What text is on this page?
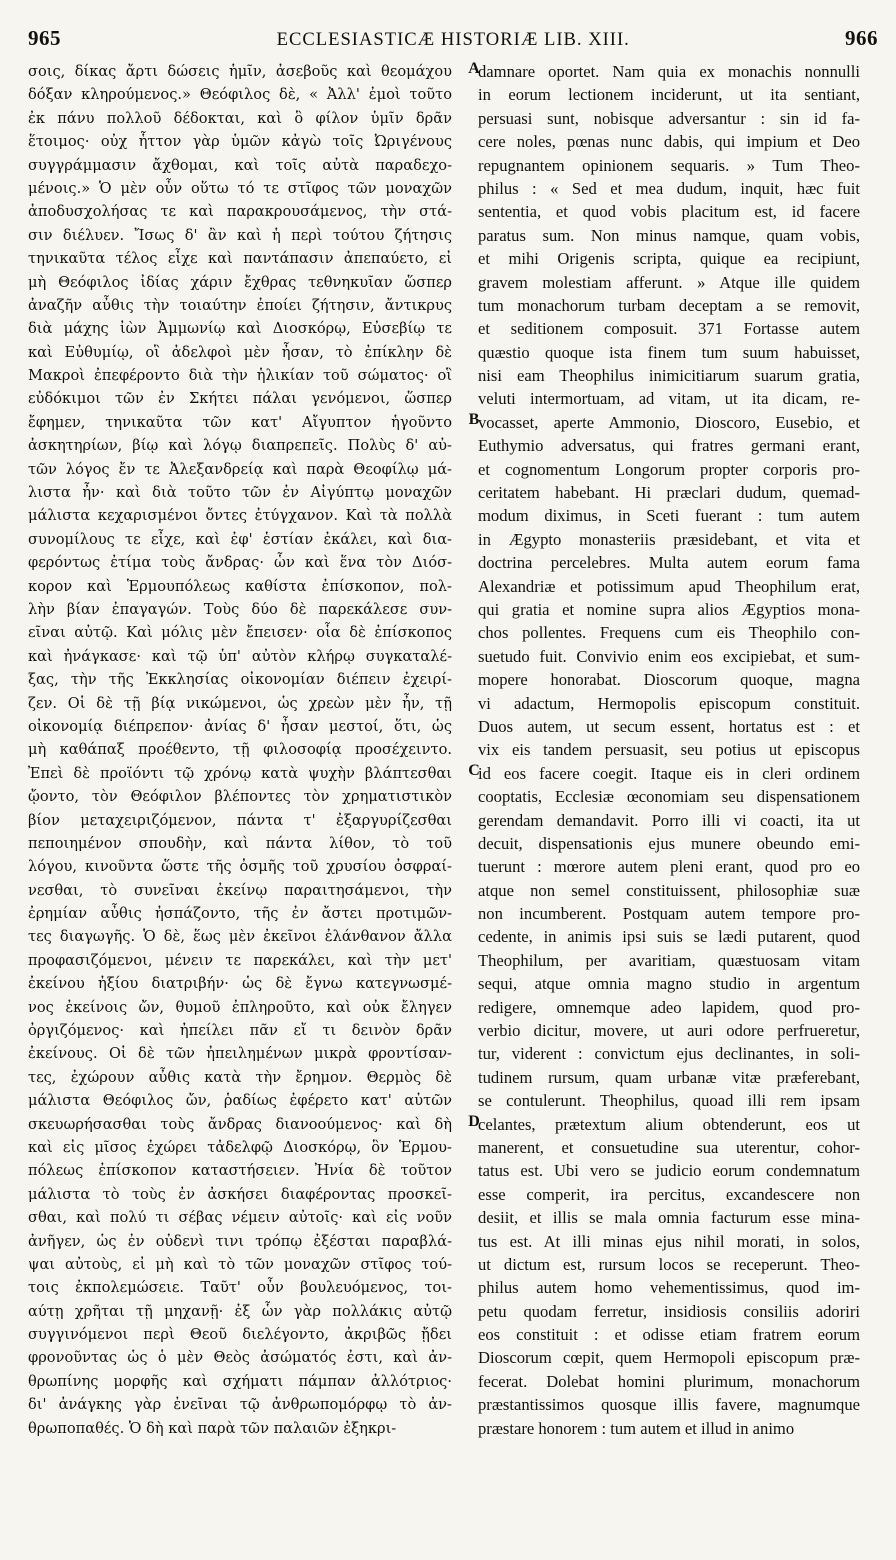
965	ECCLESIASTICÆ HISTORIÆ LIB. XIII.	966
σοις, δίκας ἄρτι δώσεις ἡμῖν, ἀσεβοῦς καὶ θεομάχου
δόξαν κληρούμενος.» Θεόφιλος δὲ, « Ἀλλ' ἐμοὶ τοῦτο
ἐκ πάνυ πολλοῦ δέδοκται, καὶ ὃ φίλον ὑμῖν δρᾶν
ἕτοιμος· οὐχ ἧττον γὰρ ὑμῶν κἀγὼ τοῖς Ὠριγένους
συγγράμμασιν ἄχθομαι, καὶ τοῖς αὐτὰ παραδεχο-
μένοις.» Ὁ μὲν οὖν οὕτω τό τε στῖφος τῶν μοναχῶν
ἀποδυσχολήσας τε καὶ παρακρουσάμενος, τὴν στά-
σιν διέλυεν. Ἴσως δ' ἂν καὶ ἡ περὶ τούτου ζήτησις
τηνικαῦτα τέλος εἶχε καὶ παντάπασιν ἀπεπαύετο, εἰ
μὴ Θεόφιλος ἰδίας χάριν ἔχθρας τεθνηκυῖαν ὥσπερ
ἀναζῆν αὖθις τὴν τοιαύτην ἐποίει ζήτησιν, ἄντικρυς
διὰ μάχης ἰὼν Ἀμμωνίῳ καὶ Διοσκόρῳ, Εὐσεβίῳ τε
καὶ Εὐθυμίῳ, οἳ ἀδελφοὶ μὲν ἦσαν, τὸ ἐπίκλην δὲ
Μακροὶ ἐπεφέροντο διὰ τὴν ἡλικίαν τοῦ σώματος· οἳ
εὐδόκιμοι τῶν ἐν Σκήτει πάλαι γενόμενοι, ὥσπερ
ἔφημεν, τηνικαῦτα τῶν κατ' Αἴγυπτον ἡγοῦντο
ἀσκητηρίων, βίῳ καὶ λόγῳ διαπρεπεῖς. Πολὺς δ' αὐ-
τῶν λόγος ἔν τε Ἀλεξανδρείᾳ καὶ παρὰ Θεοφίλῳ μά-
λιστα ἦν· καὶ διὰ τοῦτο τῶν ἐν Αἰγύπτῳ μοναχῶν
μάλιστα κεχαρισμένοι ὄντες ἐτύγχανον. Καὶ τὰ πολλὰ
συνομίλους τε εἶχε, καὶ ἐφ' ἑστίαν ἐκάλει, καὶ δια-
φερόντως ἐτίμα τοὺς ἄνδρας· ὧν καὶ ἕνα τὸν Διόσ-
κορον καὶ Ἑρμουπόλεως καθίστα ἐπίσκοπον, πολ-
λὴν βίαν ἐπαγαγών. Τοὺς δύο δὲ παρεκάλεσε συν-
εῖναι αὐτῷ. Καὶ μόλις μὲν ἔπεισεν· οἷα δὲ ἐπίσκοπος
καὶ ἠνάγκασε· καὶ τῷ ὑπ' αὐτὸν κλήρῳ συγκαταλέ-
ξας, τὴν τῆς Ἐκκλησίας οἰκονομίαν διέπειν ἐχειρί-
ζεν. Οἱ δὲ τῇ βίᾳ νικώμενοι, ὡς χρεὼν μὲν ἦν, τῇ
οἰκονομίᾳ διέπρεπον· ἀνίας δ' ἦσαν μεστοί, ὅτι, ὡς
μὴ καθάπαξ προέθεντο, τῇ φιλοσοφίᾳ προσέχειντο.
Ἐπεὶ δὲ προϊόντι τῷ χρόνῳ κατὰ ψυχὴν βλάπτεσθαι
ᾤοντο, τὸν Θεόφιλον βλέποντες τὸν χρηματιστικὸν
βίον μεταχειριζόμενον, πάντα τ' ἐξαργυρίζεσθαι
πεποιημένον σπουδὴν, καὶ πάντα λίθον, τὸ τοῦ
λόγου, κινοῦντα ὥστε τῆς ὀσμῆς τοῦ χρυσίου ὀσφραί-
νεσθαι, τὸ συνεῖναι ἐκείνῳ παραιτησάμενοι, τὴν
ἐρημίαν αὖθις ἠσπάζοντο, τῆς ἐν ἄστει προτιμῶν-
τες διαγωγῆς. Ὁ δὲ, ἕως μὲν ἐκεῖνοι ἐλάνθανον ἄλλα
προφασιζόμενοι, μένειν τε παρεκάλει, καὶ τὴν μετ'
ἐκείνου ἠξίου διατριβήν· ὡς δὲ ἔγνω κατεγνωσμέ-
νος ἐκείνοις ὤν, θυμοῦ ἐπληροῦτο, καὶ οὐκ ἔληγεν
ὀργιζόμενος· καὶ ἠπείλει πᾶν εἴ τι δεινὸν δρᾶν
ἐκείνους. Οἱ δὲ τῶν ἠπειλημένων μικρὰ φροντίσαν-
τες, ἐχώρουν αὖθις κατὰ τὴν ἔρημον. Θερμὸς δὲ
μάλιστα Θεόφιλος ὤν, ῥαδίως ἐφέρετο κατ' αὐτῶν
σκευωρήσασθαι τοὺς ἄνδρας διανοούμενος· καὶ δὴ
καὶ εἰς μῖσος ἐχώρει τἀδελφῷ Διοσκόρῳ, ὃν Ἑρμου-
πόλεως ἐπίσκοπον καταστήσειεν. Ἠνία δὲ τοῦτον
μάλιστα τὸ τοὺς ἐν ἀσκήσει διαφέροντας προσκεῖ-
σθαι, καὶ πολύ τι σέβας νέμειν αὐτοῖς· καὶ εἰς νοῦν
ἀνῆγεν, ὡς ἐν οὐδενὶ τινι τρόπῳ ἐξέσται παραβλά-
ψαι αὐτοὺς, εἰ μὴ καὶ τὸ τῶν μοναχῶν στῖφος τού-
τοις ἐκπολεμώσειε. Ταῦτ' οὖν βουλευόμενος, τοι-
αύτῃ χρῆται τῇ μηχανῇ· ἐξ ὧν γὰρ πολλάκις αὐτῷ
συγγινόμενοι περὶ Θεοῦ διελέγοντο, ἀκριβῶς ᾔδει
φρονοῦντας ὡς ὁ μὲν Θεὸς ἀσώματός ἐστι, καὶ ἀν-
θρωπίνης μορφῆς καὶ σχήματι πάμπαν ἀλλότριος·
δι' ἀνάγκης γὰρ ἐνεῖναι τῷ ἀνθρωπομόρφῳ τὸ ἀν-
θρωποπαθές. Ὁ δὴ καὶ παρὰ τῶν παλαιῶν ἐξηκρι-
A
B
C
D
damnare oportet. Nam quia ex monachis nonnulli
in eorum lectionem inciderunt, ut ita sentiant,
persuasi sunt, nobisque adversantur : sin id fa-
cere noles, pœnas nunc dabis, qui impium et Deo
repugnantem opinionem sequaris. » Tum Theo-
philus : « Sed et mea dudum, inquit, hæc fuit
sententia, et quod vobis placitum est, id facere
paratus sum. Non minus namque, quam vobis,
et mihi Origenis scripta, quique ea recipiunt,
gravem molestiam afferunt. » Atque ille quidem
tum monachorum turbam deceptam a se removit,
et seditionem composuit. 371 Fortasse autem
quæstio quoque ista finem tum suum habuisset,
nisi eam Theophilus inimicitiarum suarum gratia,
veluti intermortuam, ad vitam, ut ita dicam, re-
vocasset, aperte Ammonio, Dioscoro, Eusebio, et
Euthymio adversatus, qui fratres germani erant,
et cognomentum Longorum propter corporis pro-
ceritatem habebant. Hi præclari dudum, quemad-
modum diximus, in Sceti fuerant : tum autem
in Ægypto monasteriis præsidebant, et vita et
doctrina percelebres. Multa autem eorum fama
Alexandriæ et potissimum apud Theophilum erat,
qui gratia et nomine supra alios Ægyptios mona-
chos pollentes. Frequens cum eis Theophilo con-
suetudo fuit. Convivio enim eos excipiebat, et sum-
mopere honorabat. Dioscorum quoque, magna
vi adactum, Hermopolis episcopum constituit.
Duos autem, ut secum essent, hortatus est : et
vix eis tandem persuasit, seu potius ut episcopus
id eos facere coegit. Itaque eis in cleri ordinem
cooptatis, Ecclesiæ œconomiam seu dispensationem
gerendam demandavit. Porro illi vi coacti, ita ut
decuit, dispensationis ejus munere obeundo emi-
tuerunt : mœrore autem pleni erant, quod pro eo
atque non semel constituissent, philosophiæ suæ
non incumberent. Postquam autem tempore pro-
cedente, in animis ipsi suis se lædi putarent, quod
Theophilum, per avaritiam, quæstuosam vitam
sequi, atque omnia magno studio in argentum
redigere, omnemque adeo lapidem, quod pro-
verbio dicitur, movere, ut auri odore perfrueretur,
tur, viderent : convictum ejus declinantes, in soli-
tudinem rursum, quam urbanæ vitæ præferebant,
se contulerunt. Theophilus, quoad illi rem ipsam
celantes, prætextum alium obtenderunt, eos ut
manerent, et consuetudine sua uterentur, cohor-
tatus est. Ubi vero se judicio eorum condemnatum
esse comperit, ira percitus, excandescere non
desiit, et illis se mala omnia facturum esse mina-
tus est. At illi minas ejus nihil morati, in solos,
ut dictum est, rursum locos se receperunt. Theo-
philus autem homo vehementissimus, quod im-
petu quodam ferretur, insidiosis consiliis adoriri
eos constituit : et odisse etiam fratrem eorum
Dioscorum cœpit, quem Hermopoli episcopum præ-
fecerat. Dolebat homini plurimum, monachorum
præstantissimos quosque illis favere, magnumque
præstare honorem : tum autem et illud in animo
